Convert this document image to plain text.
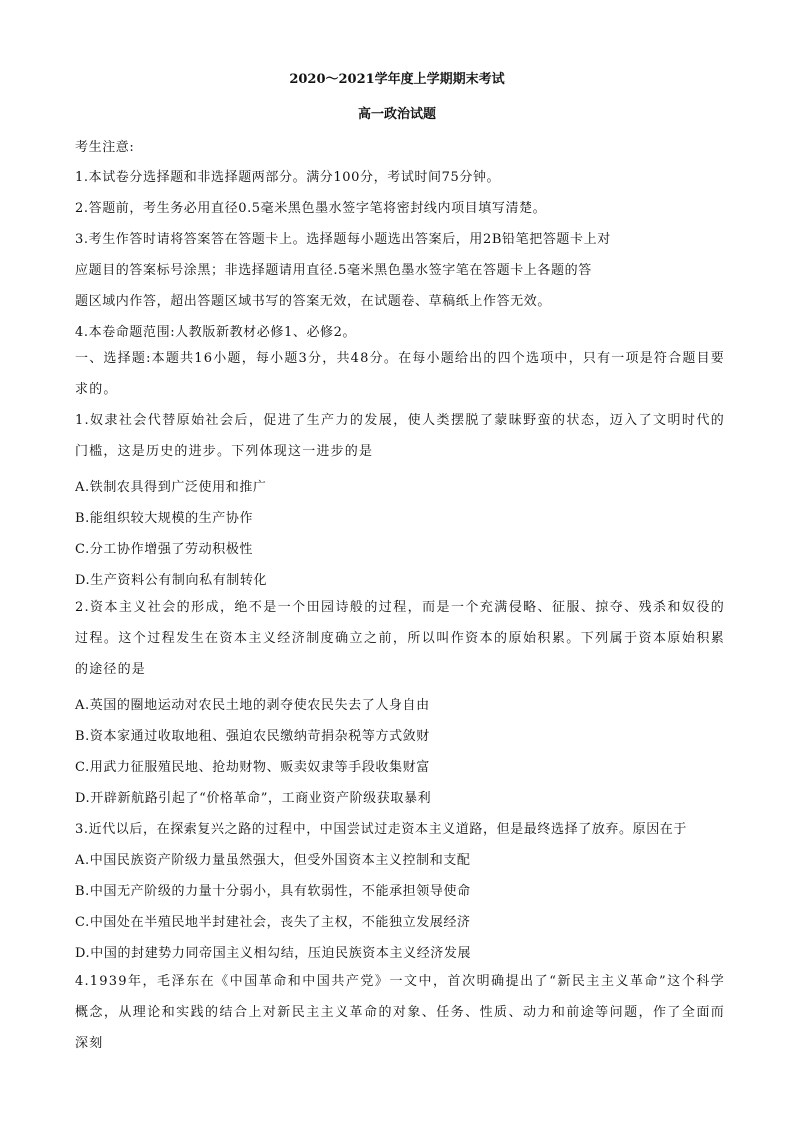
2020～2021学年度上学期期末考试
高一政治试题
考生注意:
1.本试卷分选择题和非选择题两部分。满分100分，考试时间75分钟。
2.答题前，考生务必用直径0.5毫米黑色墨水签字笔将密封线内项目填写清楚。
3.考生作答时请将答案答在答题卡上。选择题每小题选出答案后，用2B铅笔把答题卡上对
应题目的答案标号涂黑；非选择题请用直径.5毫米黑色墨水签字笔在答题卡上各题的答
题区域内作答，超出答题区域书写的答案无效，在试题卷、草稿纸上作答无效。
4.本卷命题范围:人教版新教材必修1、必修2。
一、选择题:本题共16小题，每小题3分，共48分。在每小题给出的四个选项中，只有一项是符合题目要求的。
1.奴隶社会代替原始社会后，促进了生产力的发展，使人类摆脱了蒙昧野蛮的状态，迈入了文明时代的门槛，这是历史的进步。下列体现这一进步的是
A.铁制农具得到广泛使用和推广
B.能组织较大规模的生产协作
C.分工协作增强了劳动积极性
D.生产资料公有制向私有制转化
2.资本主义社会的形成，绝不是一个田园诗般的过程，而是一个充满侵略、征服、掠夺、残杀和奴役的过程。这个过程发生在资本主义经济制度确立之前，所以叫作资本的原始积累。下列属于资本原始积累的途径的是
A.英国的圈地运动对农民土地的剥夺使农民失去了人身自由
B.资本家通过收取地租、强迫农民缴纳苛捐杂税等方式敛财
C.用武力征服殖民地、抢劫财物、贩卖奴隶等手段收集财富
D.开辟新航路引起了“价格革命”，工商业资产阶级获取暴利
3.近代以后，在探索复兴之路的过程中，中国尝试过走资本主义道路，但是最终选择了放弃。原因在于
A.中国民族资产阶级力量虽然强大，但受外国资本主义控制和支配
B.中国无产阶级的力量十分弱小，具有软弱性，不能承担领导使命
C.中国处在半殖民地半封建社会，丧失了主权，不能独立发展经济
D.中国的封建势力同帝国主义相勾结，压迫民族资本主义经济发展
4.1939年，毛泽东在《中国革命和中国共产党》一文中，首次明确提出了“新民主主义革命”这个科学概念，从理论和实践的结合上对新民主主义革命的对象、任务、性质、动力和前途等问题，作了全面而深刻
